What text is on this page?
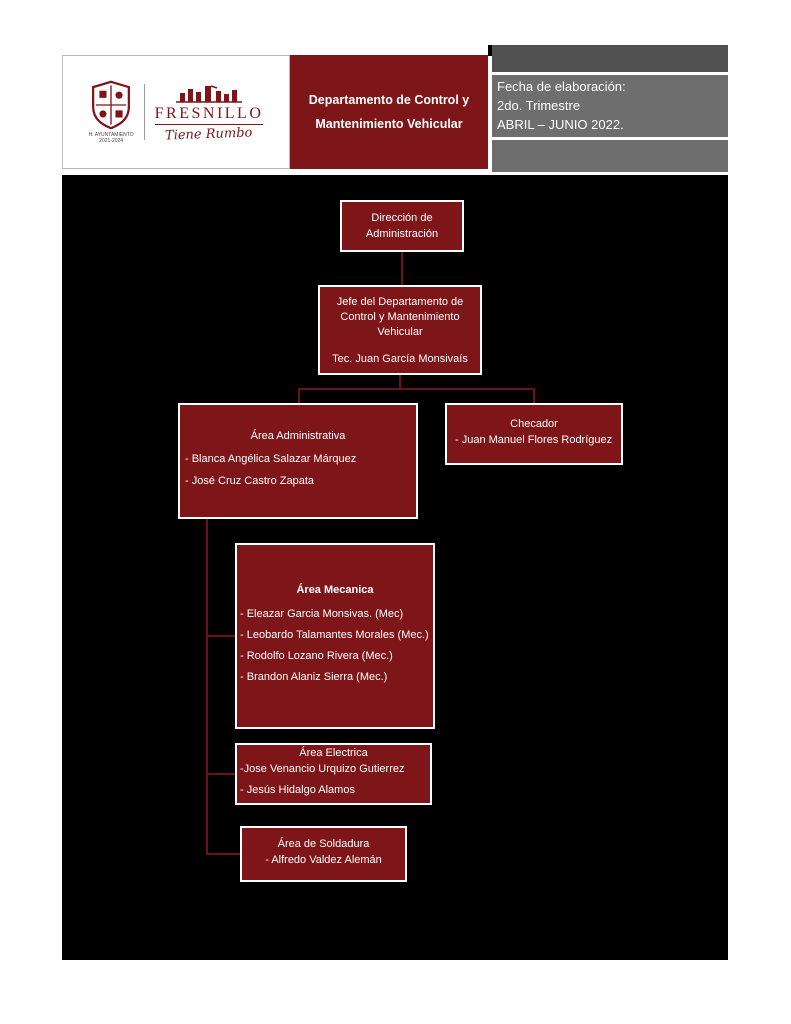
H. AYUNTAMIENTO
2021-2024
FRESNILLO
Tiene Rumbo
Departamento de Control y
Mantenimiento Vehicular
Fecha de elaboración:
2do. Trimestre
ABRIL – JUNIO 2022.
Dirección de
Administración
Jefe del Departamento de Control y Mantenimiento Vehicular
Tec. Juan García Monsivaís
Área Administrativa
- Blanca Angélica Salazar Márquez
- José Cruz Castro Zapata
Checador
- Juan Manuel Flores Rodríguez
Área Mecanica
- Eleazar Garcia Monsivas. (Mec)
- Leobardo Talamantes Morales (Mec.)
- Rodolfo Lozano Rivera (Mec.)
- Brandon Alaniz Sierra (Mec.)
Área Electrica
-Jose Venancio Urquizo Gutierrez
- Jesús Hidalgo Alamos
Área de Soldadura
- Alfredo Valdez Alemán
